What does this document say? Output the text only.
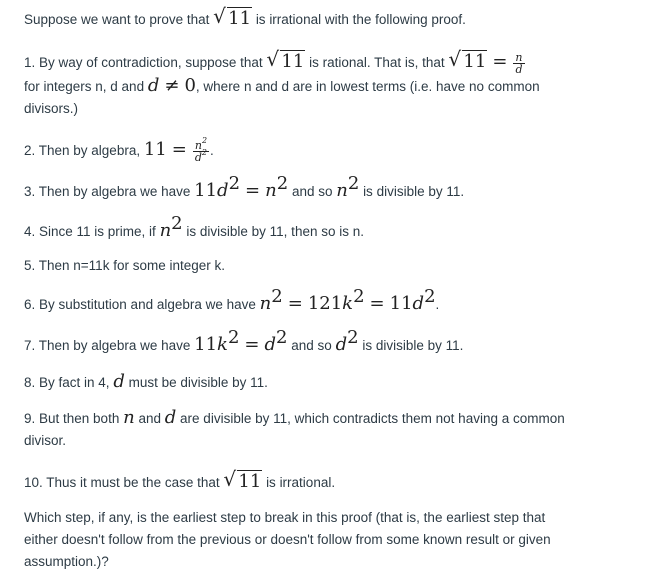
Suppose we want to prove that √ 11 is irrational with the following proof.
1. By way of contradiction, suppose that √ 11 is rational. That is, that √ $11 = \frac{n}{d}$

for integers n, d and d ≠ 0, where n and d are in lowest terms (i.e. have no common divisors.)
2. Then by algebra, $11 = \frac{n^2}{d^2}$ .
3. Then by algebra we have $11d^2 = n^2$ and so $n^2$ is divisible by 11.
4. Since 11 is prime, if $n^2$ is divisible by 11, then so is n.
5. Then n=11k for some integer k.
6. By substitution and algebra we have $n^2 = 121k^2 = 11d^2$.
7. Then by algebra we have $11k^2 = d^2$ and so $d^2$ is divisible by 11.
8. By fact in 4, d must be divisible by 11.
9. But then both n and d are divisible by 11, which contradicts them not having a common divisor.
10. Thus it must be the case that √ 11 is irrational.
Which step, if any, is the earliest step to break in this proof (that is, the earliest step that either doesn't follow from the previous or doesn't follow from some known result or given assumption.)?
